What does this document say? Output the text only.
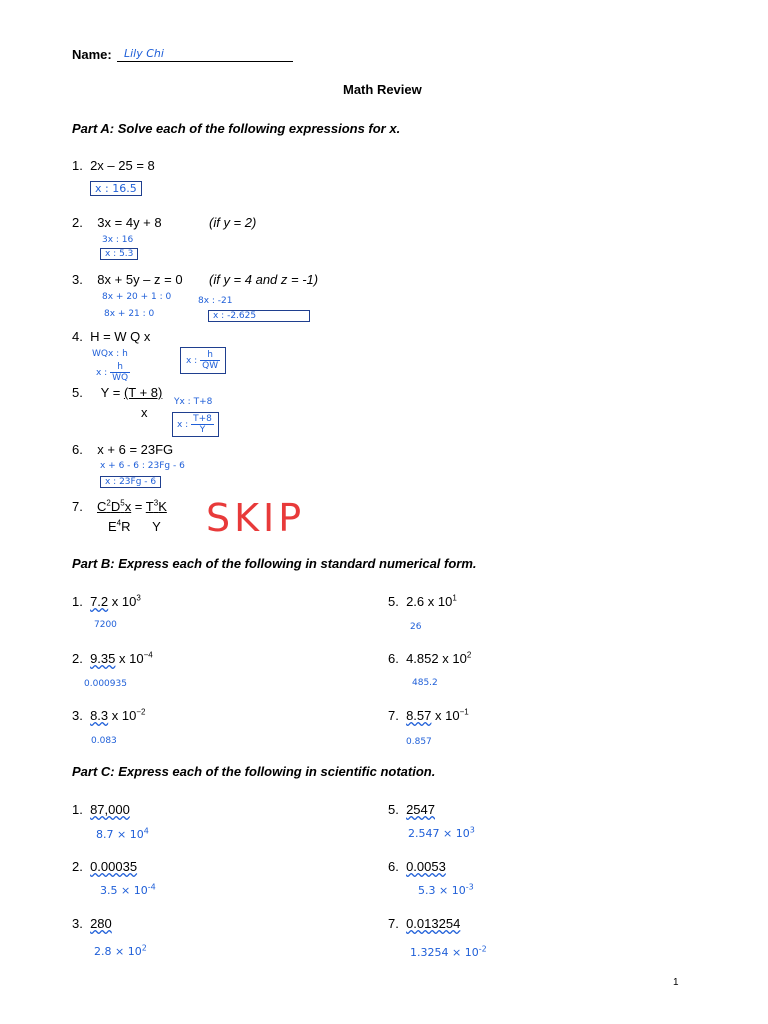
Name: Lily Chi
Math Review
Part A: Solve each of the following expressions for x.
1. 2x – 25 = 8
x : 16.5
2. 3x = 4y + 8	(if y = 2)
3x : 16
x : 5.3
3. 8x + 5y – z = 0 (if y = 4 and z = -1)
8x + 20 + 1 : 0
8x + 21 : 0
8x : -21
x : -2.625
4. H = W Q x
WQx : h
x : $\frac{h}{WQ}$
x : $\frac{h}{QW}$
5. Y = (T + 8)
x
Yx : T+8
x : $\frac{T+8}{Y}$
6. x + 6 = 23FG
x + 6 - 6 : 23Fg - 6
x : 23Fg - 6
7. $C^2D^5x = T^3K$
$E^4R$      Y SKIP
Part B: Express each of the following in standard numerical form.
1. 7.2 x $10^3$
7200
2. 9.35 x $10^{-4}$
0.000935
3. 8.3 x $10^{-2}$
0.083
5. 2.6 x $10^1$
26
6. 4.852 x $10^2$
485.2
7. 8.57 x $10^{-1}$
0.857
Part C: Express each of the following in scientific notation.
1. 87,000
$8.7 \times 10^4$
2. 0.00035
$3.5 \times 10^{-4}$
3. 280
$2.8 \times 10^2$
5. 2547
$2.547 \times 10^3$
6. 0.0053
$5.3 \times 10^{-3}$
7. 0.013254
$1.3254 \times 10^{-2}$
1
